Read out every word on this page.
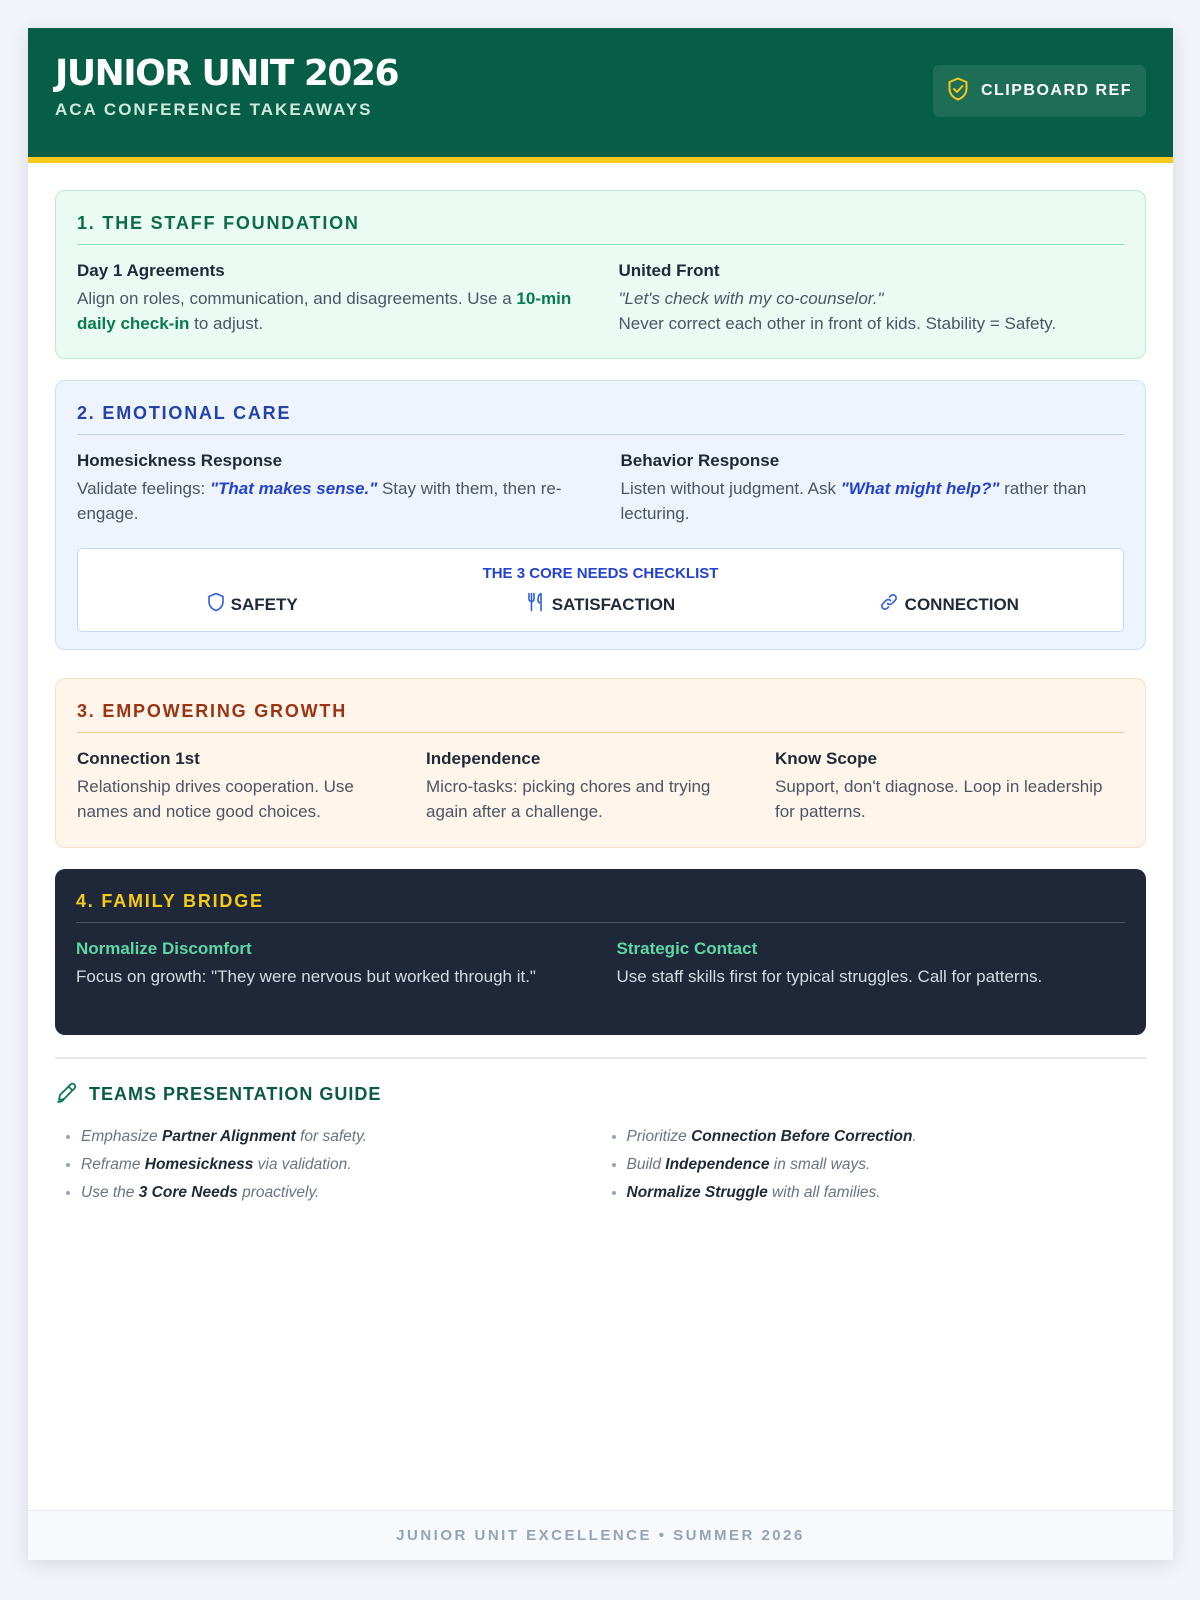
JUNIOR UNIT 2026
ACA CONFERENCE TAKEAWAYS
CLIPBOARD REF
1. THE STAFF FOUNDATION
Day 1 Agreements
Align on roles, communication, and disagreements. Use a 10-min daily check-in to adjust.
United Front
"Let's check with my co-counselor."
Never correct each other in front of kids. Stability = Safety.
2. EMOTIONAL CARE
Homesickness Response
Validate feelings: "That makes sense." Stay with them, then re-engage.
Behavior Response
Listen without judgment. Ask "What might help?" rather than lecturing.
THE 3 CORE NEEDS CHECKLIST
SAFETY	SATISFACTION	CONNECTION
3. EMPOWERING GROWTH
Connection 1st
Relationship drives cooperation. Use names and notice good choices.
Independence
Micro-tasks: picking chores and trying again after a challenge.
Know Scope
Support, don't diagnose. Loop in leadership for patterns.
4. FAMILY BRIDGE
Normalize Discomfort
Focus on growth: "They were nervous but worked through it."
Strategic Contact
Use staff skills first for typical struggles. Call for patterns.
TEAMS PRESENTATION GUIDE
• Emphasize Partner Alignment for safety.
• Reframe Homesickness via validation.
• Use the 3 Core Needs proactively.
• Prioritize Connection Before Correction.
• Build Independence in small ways.
• Normalize Struggle with all families.
JUNIOR UNIT EXCELLENCE • SUMMER 2026
